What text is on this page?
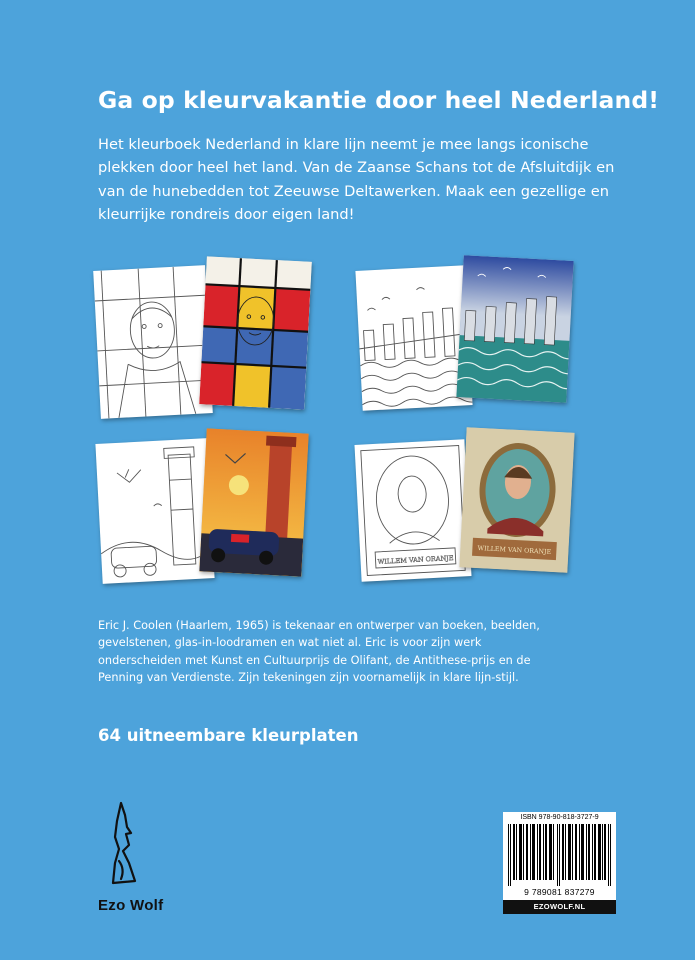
Ga op kleurvakantie door heel Nederland!
Het kleurboek Nederland in klare lijn neemt je mee langs iconische plekken door heel het land. Van de Zaanse Schans tot de Afsluitdijk en van de hunebedden tot Zeeuwse Deltawerken. Maak een gezellige en kleurrijke rondreis door eigen land!
WILLEM VAN ORANJE
WILLEM VAN ORANJE
Eric J. Coolen (Haarlem, 1965) is tekenaar en ontwerper van boeken, beelden, gevelstenen, glas-in-loodramen en wat niet al. Eric is voor zijn werk onderscheiden met Kunst en Cultuurprijs de Olifant, de Antithese-prijs en de Penning van Verdienste. Zijn tekeningen zijn voornamelijk in klare lijn-stijl.
64 uitneembare kleurplaten
Ezo Wolf
ISBN 978-90-818-3727-9
9 789081 837279
EZOWOLF.NL
